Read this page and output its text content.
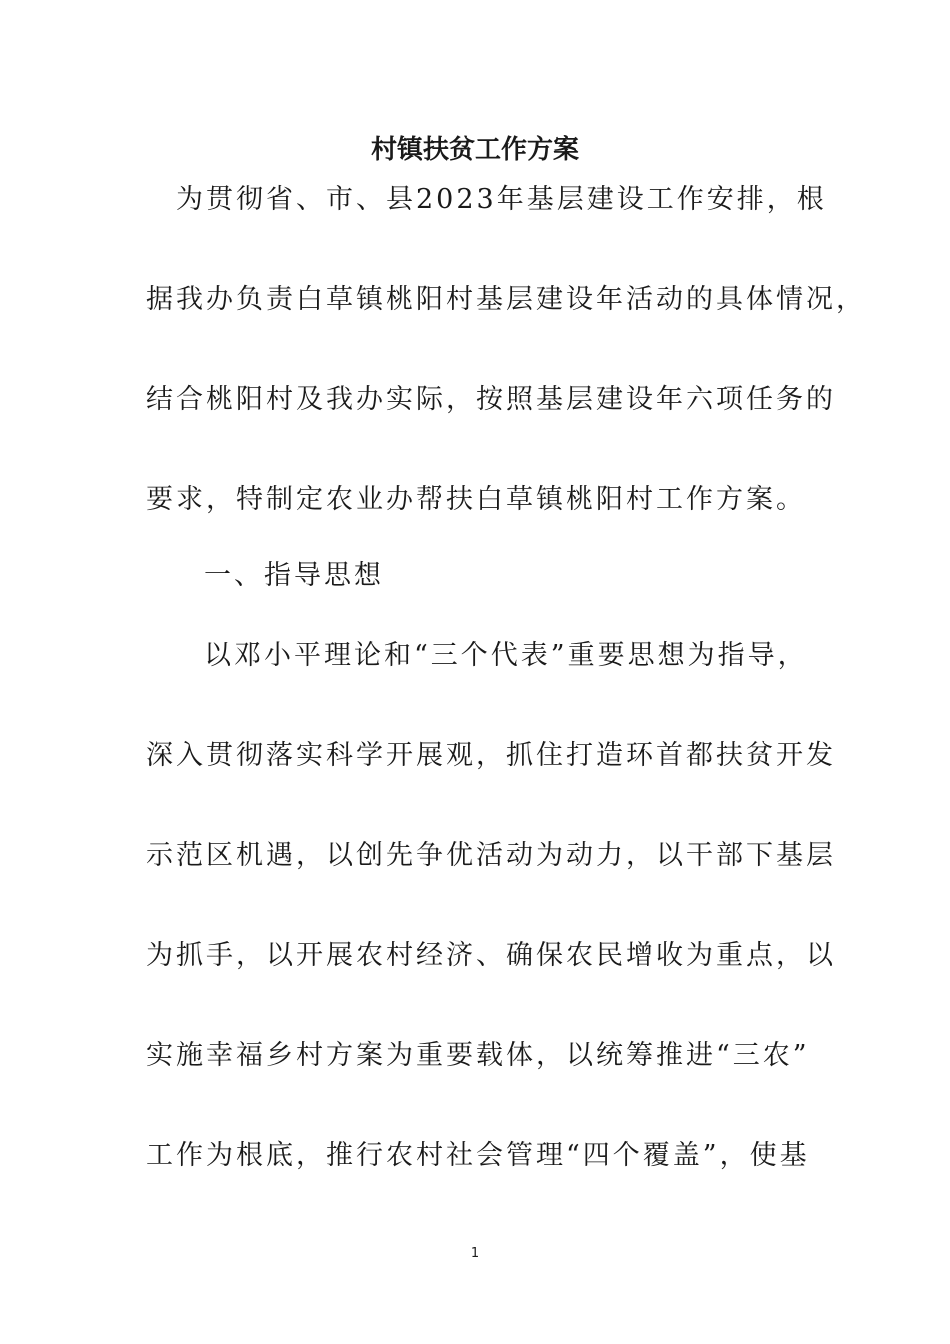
村镇扶贫工作方案
为贯彻省、市、县2023年基层建设工作安排，根
据我办负责白草镇桃阳村基层建设年活动的具体情况，
结合桃阳村及我办实际，按照基层建设年六项任务的
要求，特制定农业办帮扶白草镇桃阳村工作方案。
一、指导思想
以邓小平理论和“三个代表”重要思想为指导，
深入贯彻落实科学开展观，抓住打造环首都扶贫开发
示范区机遇，以创先争优活动为动力，以干部下基层
为抓手，以开展农村经济、确保农民增收为重点，以
实施幸福乡村方案为重要载体，以统筹推进“三农”
工作为根底，推行农村社会管理“四个覆盖”，使基
1
